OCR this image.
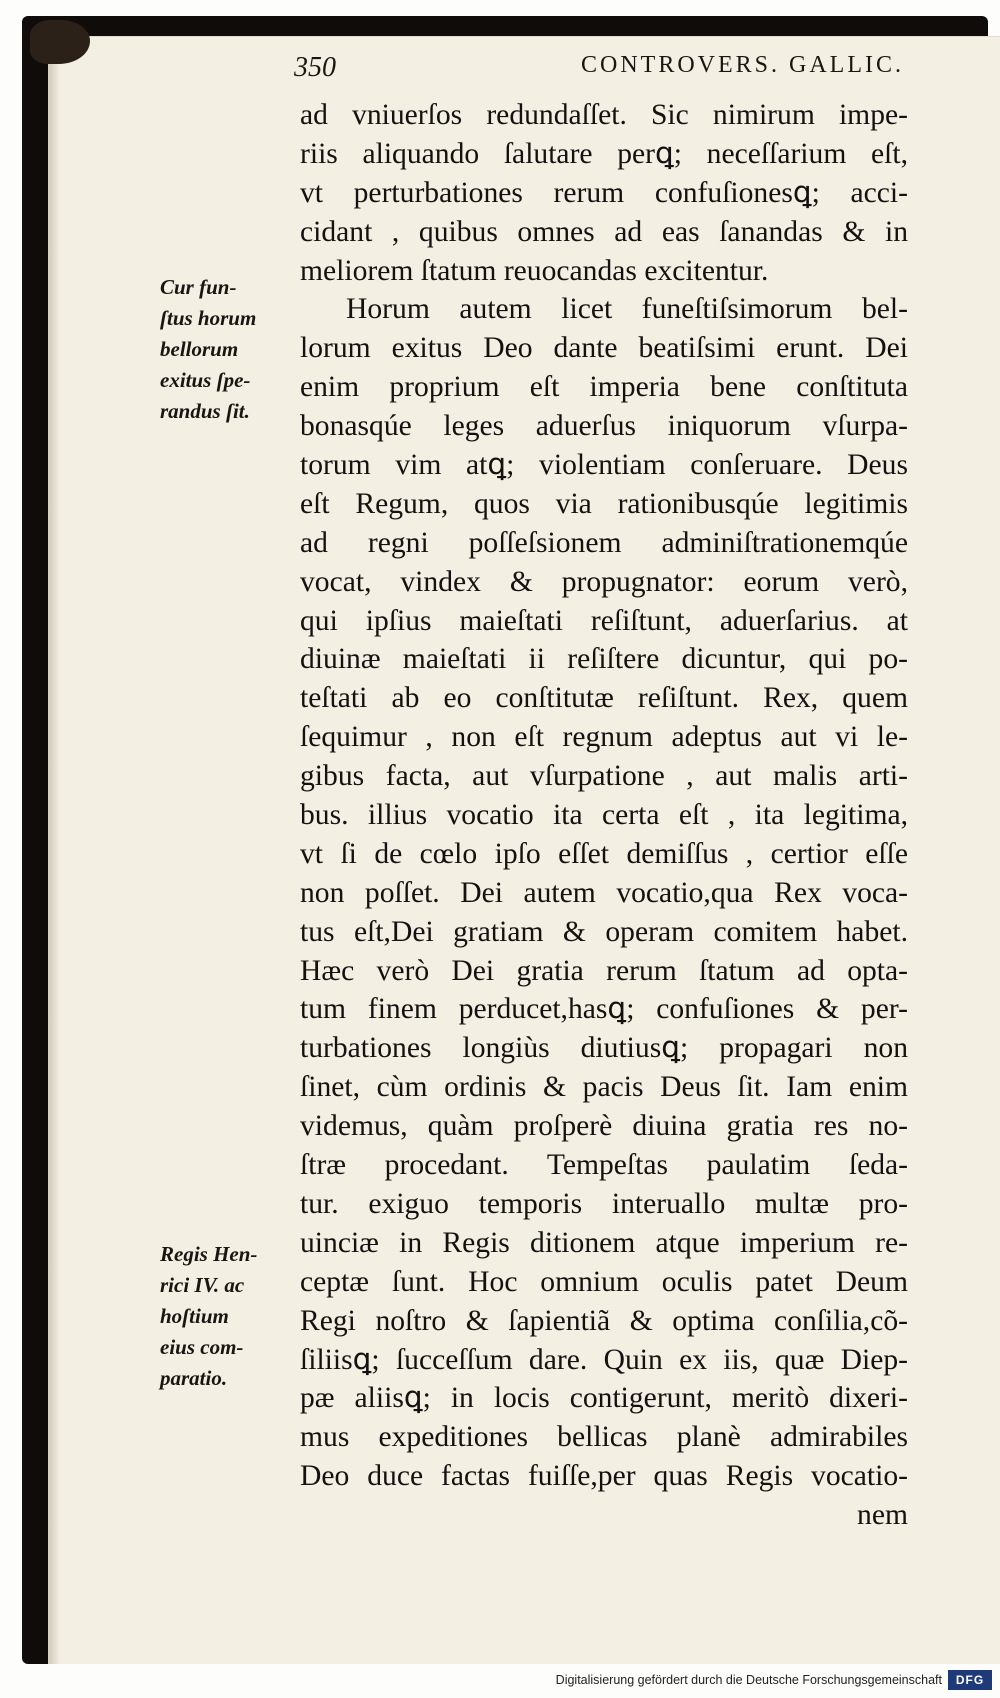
350	CONTROVERS. GALLIC.
ad vniuerſos redundaſſet. Sic nimirum impe-
riis aliquando ſalutare perꝗ; neceſſarium eſt,
vt perturbationes rerum confuſionesꝗ; acci-
cidant , quibus omnes ad eas ſanandas & in
meliorem ſtatum reuocandas excitentur.
Horum autem licet funeſtiſsimorum bel-
lorum exitus Deo dante beatiſsimi erunt. Dei
enim proprium eſt imperia bene conſtituta
bonasqúe leges aduerſus iniquorum vſurpa-
torum vim atꝗ; violentiam conſeruare. Deus
eſt Regum, quos via rationibusqúe legitimis
ad regni poſſeſsionem adminiſtrationemqúe
vocat, vindex & propugnator: eorum verò,
qui ipſius maieſtati reſiſtunt, aduerſarius. at
diuinæ maieſtati ii reſiſtere dicuntur, qui po-
teſtati ab eo conſtitutæ reſiſtunt. Rex, quem
ſequimur , non eſt regnum adeptus aut vi le-
gibus facta, aut vſurpatione , aut malis arti-
bus. illius vocatio ita certa eſt , ita legitima,
vt ſi de cœlo ipſo eſſet demiſſus , certior eſſe
non poſſet. Dei autem vocatio,qua Rex voca-
tus eſt,Dei gratiam & operam comitem habet.
Hæc verò Dei gratia rerum ſtatum ad opta-
tum finem perducet,hasꝗ; confuſiones & per-
turbationes longiùs diutiusꝗ; propagari non
ſinet, cùm ordinis & pacis Deus ſit. Iam enim
videmus, quàm proſperè diuina gratia res no-
ſtræ procedant. Tempeſtas paulatim ſeda-
tur. exiguo temporis interuallo multæ pro-
uinciæ in Regis ditionem atque imperium re-
ceptæ ſunt. Hoc omnium oculis patet Deum
Regi noſtro & ſapientiã & optima conſilia,cõ-
ſiliisꝗ; ſucceſſum dare. Quin ex iis, quæ Diep-
pæ aliisꝗ; in locis contigerunt, meritò dixeri-
mus expeditiones bellicas planè admirabiles
Deo duce factas fuiſſe,per quas Regis vocatio-
nem
Cur fun-
ſtus horum
bellorum
exitus ſpe-
randus ſit.
Regis Hen-
rici IV. ac
hoſtium
eius com-
paratio.
Digitalisierung gefördert durch die Deutsche Forschungsgemeinschaft	DFG
